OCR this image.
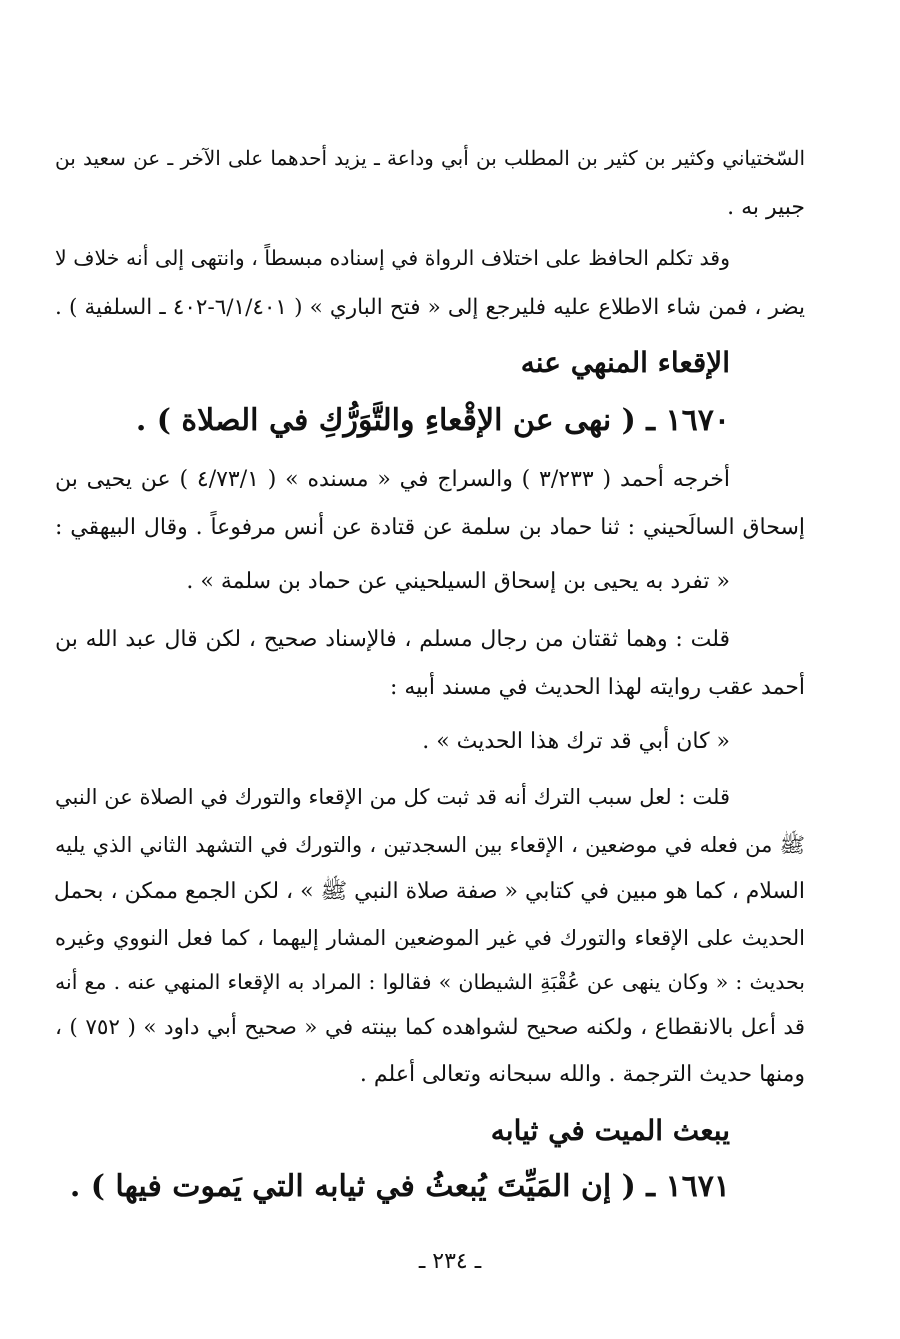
السّختياني وكثير بن كثير بن المطلب بن أبي وداعة ـ يزيد أحدهما على الآخر ـ عن سعيد بن
جبير به .
وقد تكلم الحافظ على اختلاف الرواة في إسناده مبسطاً ، وانتهى إلى أنه خلاف لا
يضر ، فمن شاء الاطلاع عليه فليرجع إلى « فتح الباري » ( ٦/١/٤٠١-٤٠٢ ـ السلفية ) .
الإقعاء المنهي عنه
١٦٧٠ ـ ( نهى عن الإقْعاءِ والتَّوَرُّكِ في الصلاة ) .
أخرجه أحمد ( ٣/٢٣٣ ) والسراج في « مسنده » ( ٤/٧٣/١ ) عن يحيى بن
إسحاق السالَحيني : ثنا حماد بن سلمة عن قتادة عن أنس مرفوعاً . وقال البيهقي :
« تفرد به يحيى بن إسحاق السيلحيني عن حماد بن سلمة » .
قلت : وهما ثقتان من رجال مسلم ، فالإسناد صحيح ، لكن قال عبد الله بن
أحمد عقب روايته لهذا الحديث في مسند أبيه :
« كان أبي قد ترك هذا الحديث » .
قلت : لعل سبب الترك أنه قد ثبت كل من الإقعاء والتورك في الصلاة عن النبي
ﷺ من فعله في موضعين ، الإقعاء بين السجدتين ، والتورك في التشهد الثاني الذي يليه
السلام ، كما هو مبين في كتابي « صفة صلاة النبي ﷺ » ، لكن الجمع ممكن ، بحمل
الحديث على الإقعاء والتورك في غير الموضعين المشار إليهما ، كما فعل النووي وغيره
بحديث : « وكان ينهى عن عُقْبَةِ الشيطان » فقالوا : المراد به الإقعاء المنهي عنه . مع أنه
قد أعل بالانقطاع ، ولكنه صحيح لشواهده كما بينته في « صحيح أبي داود » ( ٧٥٢ ) ،
ومنها حديث الترجمة . والله سبحانه وتعالى أعلم .
يبعث الميت في ثيابه
١٦٧١ ـ ( إن المَيِّتَ يُبعثُ في ثيابه التي يَموت فيها ) .
ـ ٢٣٤ ـ
